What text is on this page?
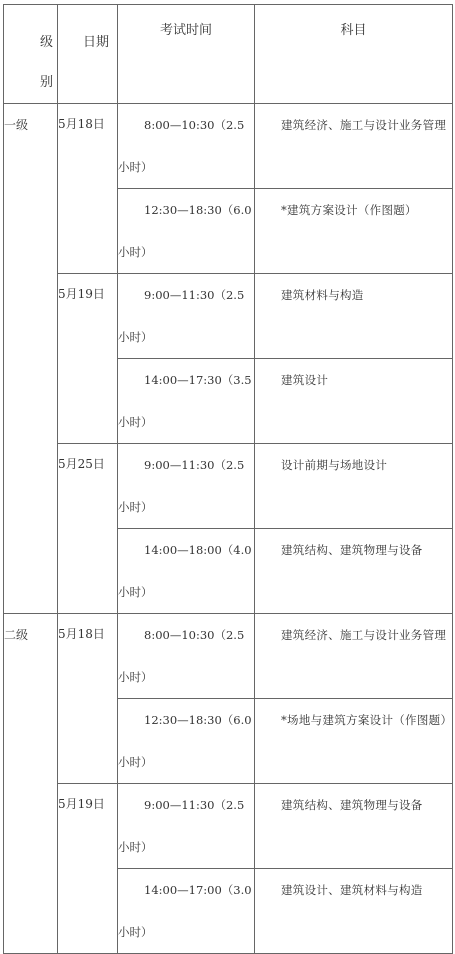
级别	日期	考试时间	科目
一级	5月18日	8:00—10:30（2.5小时）	建筑经济、施工与设计业务管理
		12:30—18:30（6.0小时）	*建筑方案设计（作图题）
	5月19日	9:00—11:30（2.5小时）	建筑材料与构造
		14:00—17:30（3.5小时）	建筑设计
	5月25日	9:00—11:30（2.5小时）	设计前期与场地设计
		14:00—18:00（4.0小时）	建筑结构、建筑物理与设备
二级	5月18日	8:00—10:30（2.5小时）	建筑经济、施工与设计业务管理
		12:30—18:30（6.0小时）	*场地与建筑方案设计（作图题）
	5月19日	9:00—11:30（2.5小时）	建筑结构、建筑物理与设备
		14:00—17:00（3.0小时）	建筑设计、建筑材料与构造
